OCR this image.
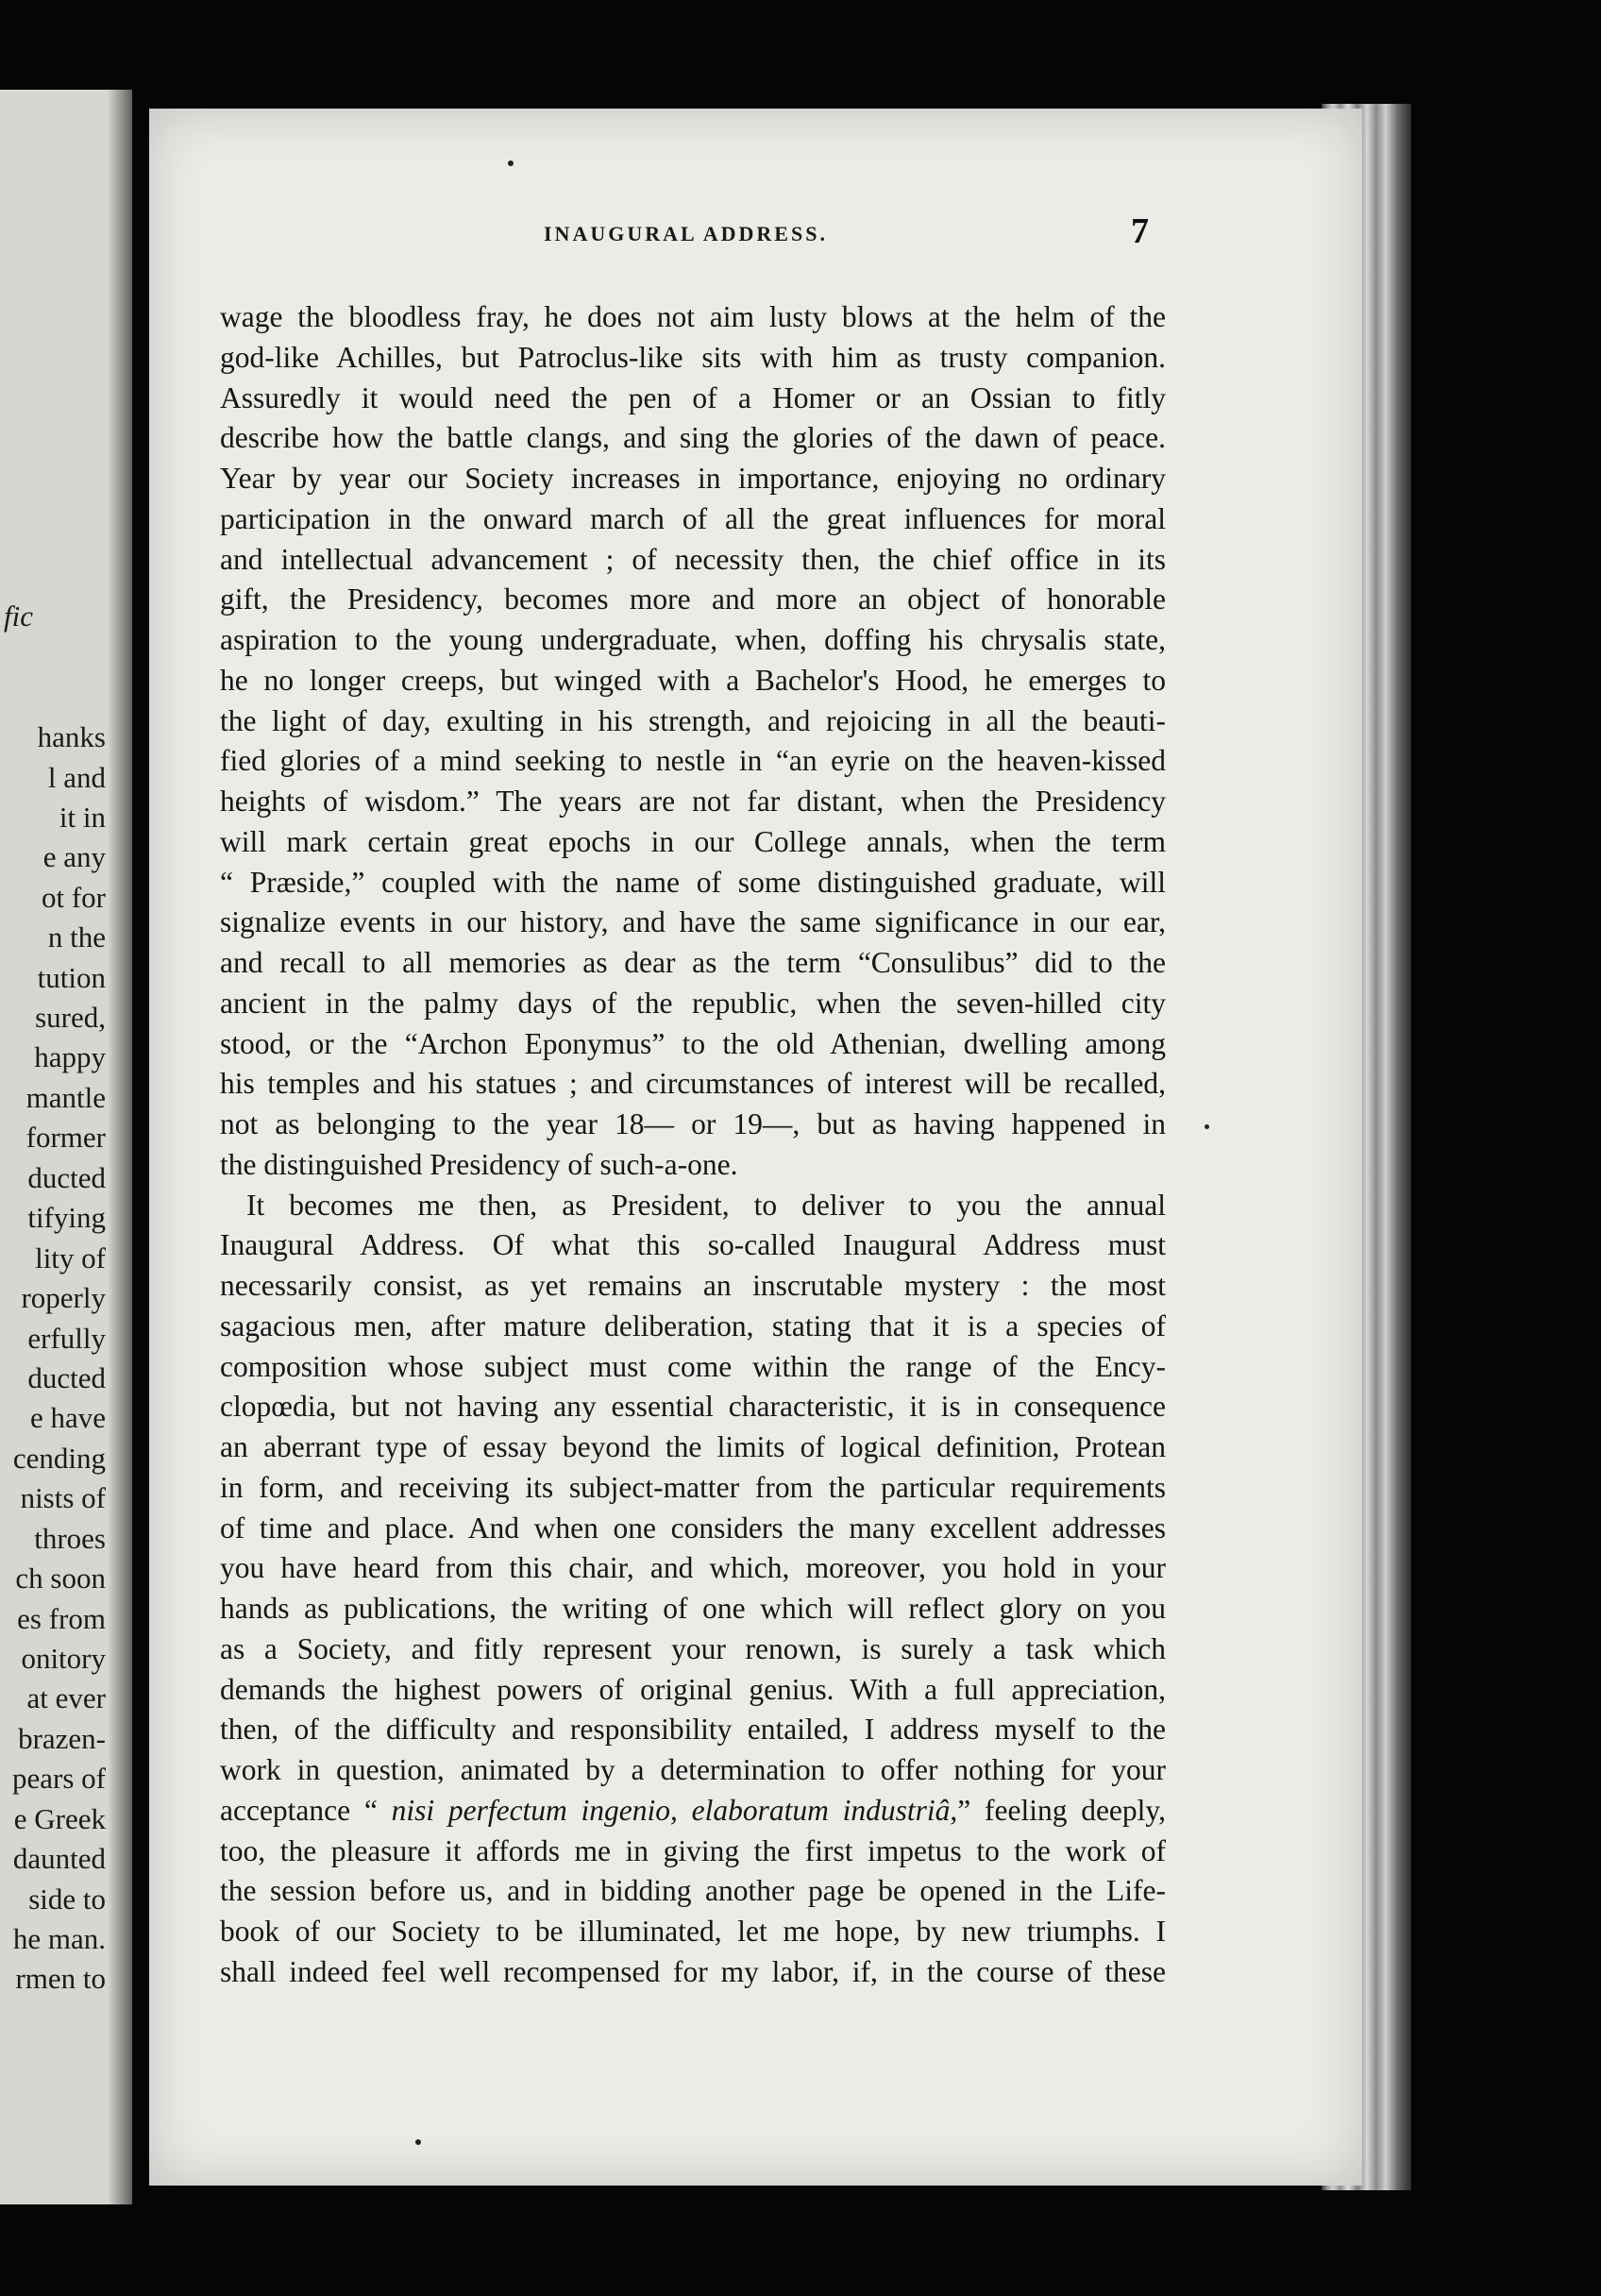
fic
hanks
l and
it in
e any
ot for
n the
tution
sured,
happy
mantle
former
ducted
tifying
lity of
roperly
erfully
ducted
e have
cending
nists of
throes
ch soon
es from
onitory
at ever
brazen-
pears of
e Greek
daunted
side to
he man.
rmen to
INAUGURAL ADDRESS.	7
wage the bloodless fray, he does not aim lusty blows at the helm of the
god-like Achilles, but Patroclus-like sits with him as trusty companion.
Assuredly it would need the pen of a Homer or an Ossian to fitly
describe how the battle clangs, and sing the glories of the dawn of peace.
Year by year our Society increases in importance, enjoying no ordinary
participation in the onward march of all the great influences for moral
and intellectual advancement ; of necessity then, the chief office in its
gift, the Presidency, becomes more and more an object of honorable
aspiration to the young undergraduate, when, doffing his chrysalis state,
he no longer creeps, but winged with a Bachelor's Hood, he emerges to
the light of day, exulting in his strength, and rejoicing in all the beauti-
fied glories of a mind seeking to nestle in “an eyrie on the heaven-kissed
heights of wisdom.” The years are not far distant, when the Presidency
will mark certain great epochs in our College annals, when the term
“ Præside,” coupled with the name of some distinguished graduate, will
signalize events in our history, and have the same significance in our ear,
and recall to all memories as dear as the term “Consulibus” did to the
ancient in the palmy days of the republic, when the seven-hilled city
stood, or the “Archon Eponymus” to the old Athenian, dwelling among
his temples and his statues ; and circumstances of interest will be recalled,
not as belonging to the year 18— or 19—, but as having happened in
the distinguished Presidency of such-a-one.
It becomes me then, as President, to deliver to you the annual
Inaugural Address. Of what this so-called Inaugural Address must
necessarily consist, as yet remains an inscrutable mystery : the most
sagacious men, after mature deliberation, stating that it is a species of
composition whose subject must come within the range of the Ency-
clopœdia, but not having any essential characteristic, it is in consequence
an aberrant type of essay beyond the limits of logical definition, Protean
in form, and receiving its subject-matter from the particular requirements
of time and place. And when one considers the many excellent addresses
you have heard from this chair, and which, moreover, you hold in your
hands as publications, the writing of one which will reflect glory on you
as a Society, and fitly represent your renown, is surely a task which
demands the highest powers of original genius. With a full appreciation,
then, of the difficulty and responsibility entailed, I address myself to the
work in question, animated by a determination to offer nothing for your
acceptance “ nisi perfectum ingenio, elaboratum industriâ,” feeling deeply,
too, the pleasure it affords me in giving the first impetus to the work of
the session before us, and in bidding another page be opened in the Life-
book of our Society to be illuminated, let me hope, by new triumphs. I
shall indeed feel well recompensed for my labor, if, in the course of these
